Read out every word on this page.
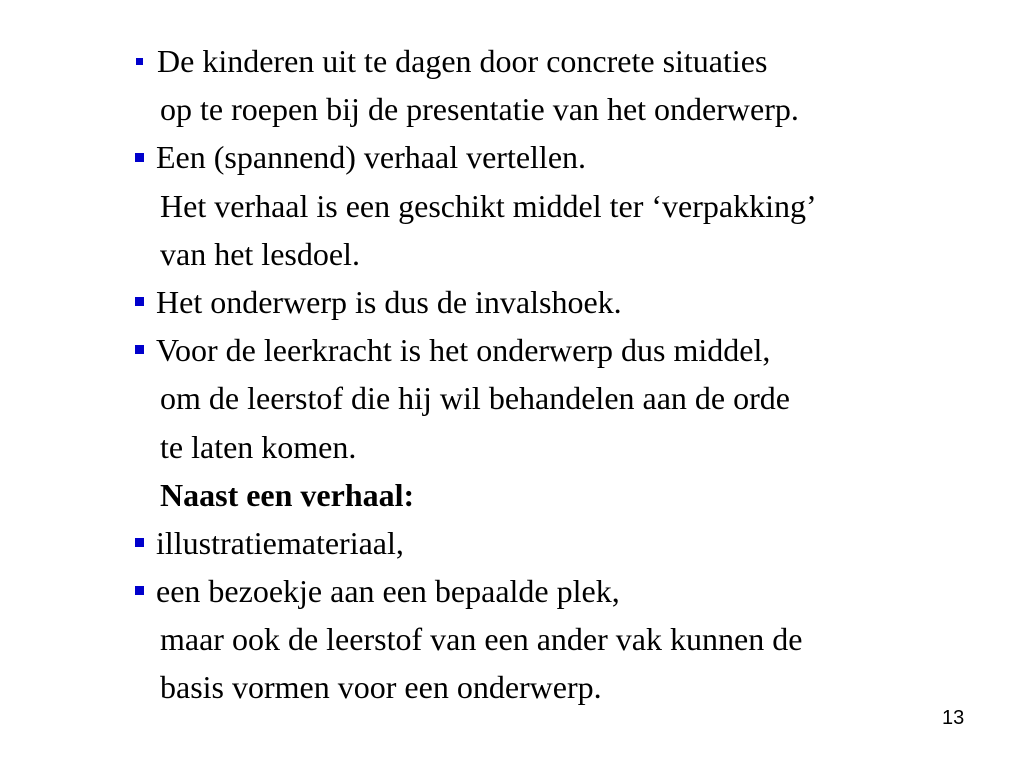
De kinderen uit te dagen door concrete situaties
op te roepen bij de presentatie van het onderwerp.
Een (spannend) verhaal vertellen.
Het verhaal is een geschikt middel ter ‘verpakking’
van het lesdoel.
Het onderwerp is dus de invalshoek.
Voor de leerkracht is het onderwerp dus middel,
om de leerstof die hij wil behandelen aan de orde
te laten komen.
Naast een verhaal:
illustratiemateriaal,
een bezoekje aan een bepaalde plek,
maar ook de leerstof van een ander vak kunnen de
basis vormen voor een onderwerp.
13
